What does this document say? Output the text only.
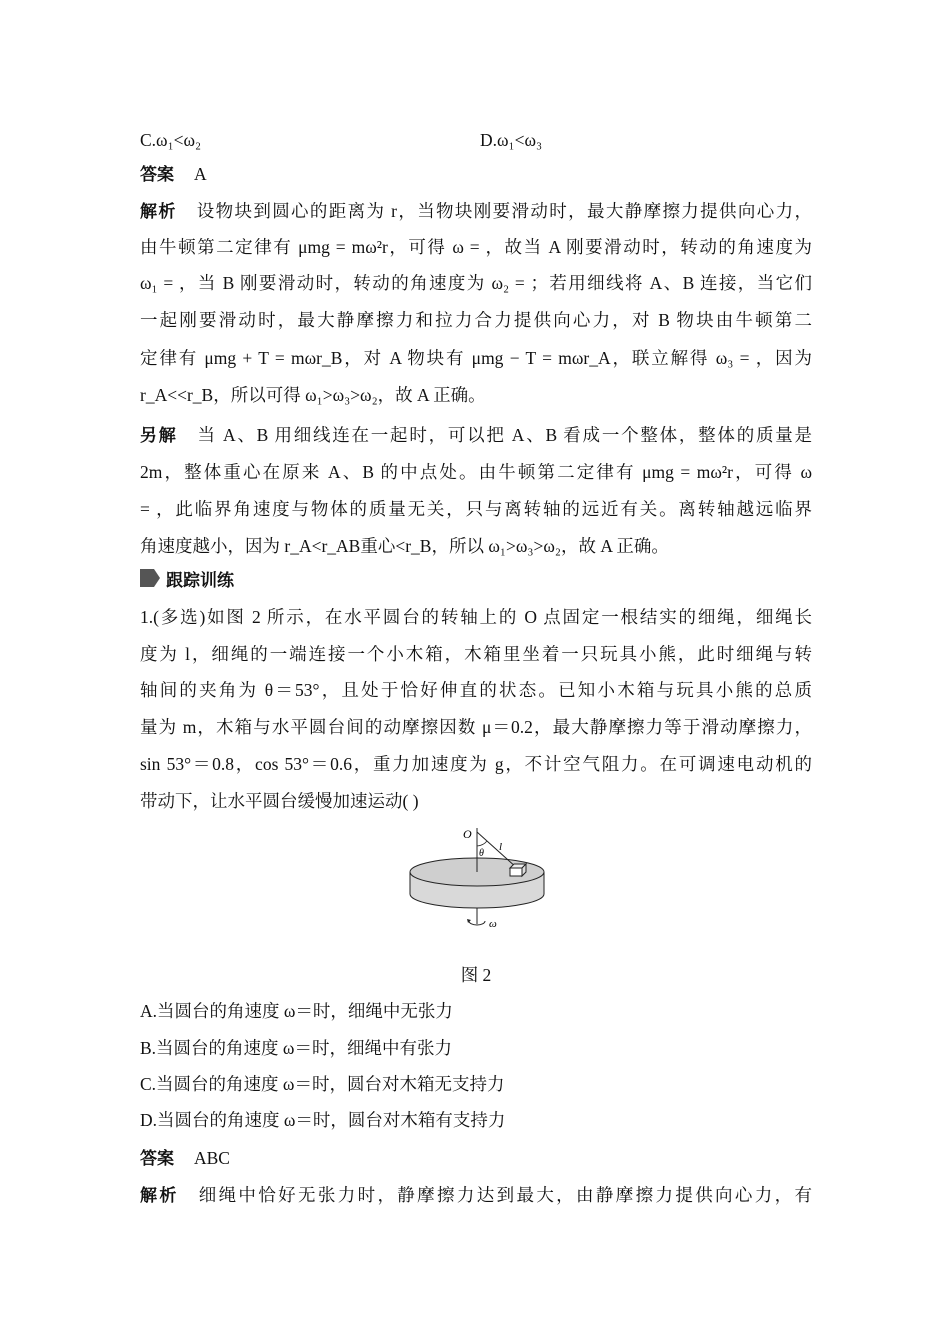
C.ω₁<ω₂	D.ω₁<ω₃
答案 A
解析 设物块到圆心的距离为 r，当物块刚要滑动时，最大静摩擦力提供向心力，
由牛顿第二定律有 μmg = mω²r，可得 ω = ，故当 A 刚要滑动时，转动的角速度为
ω₁ = ，当 B 刚要滑动时，转动的角速度为 ω₂ = ；若用细线将 A、B 连接，当它们
一起刚要滑动时，最大静摩擦力和拉力合力提供向心力，对 B 物块由牛顿第二
定律有 μmg + T = mωr_B，对 A 物块有 μmg − T = mωr_A，联立解得 ω₃ = ，因为
r_A<<r_B，所以可得 ω₁>ω₃>ω₂，故 A 正确。
另解 当 A、B 用细线连在一起时，可以把 A、B 看成一个整体，整体的质量是
2m，整体重心在原来 A、B 的中点处。由牛顿第二定律有 μmg = mω²r，可得 ω
= ，此临界角速度与物体的质量无关，只与离转轴的远近有关。离转轴越远临界
角速度越小，因为 r_A<r_AB重心<r_B，所以 ω₁>ω₃>ω₂，故 A 正确。
跟踪训练
1.(多选)如图 2 所示，在水平圆台的转轴上的 O 点固定一根结实的细绳，细绳长
度为 l，细绳的一端连接一个小木箱，木箱里坐着一只玩具小熊，此时细绳与转
轴间的夹角为 θ＝53°，且处于恰好伸直的状态。已知小木箱与玩具小熊的总质
量为 m，木箱与水平圆台间的动摩擦因数 μ＝0.2，最大静摩擦力等于滑动摩擦力，
sin 53°＝0.8，cos 53°＝0.6，重力加速度为 g，不计空气阻力。在可调速电动机的
带动下，让水平圆台缓慢加速运动( )
O
θ
l
ω
图 2
A.当圆台的角速度 ω＝时，细绳中无张力
B.当圆台的角速度 ω＝时，细绳中有张力
C.当圆台的角速度 ω＝时，圆台对木箱无支持力
D.当圆台的角速度 ω＝时，圆台对木箱有支持力
答案 ABC
解析 细绳中恰好无张力时，静摩擦力达到最大，由静摩擦力提供向心力，有
